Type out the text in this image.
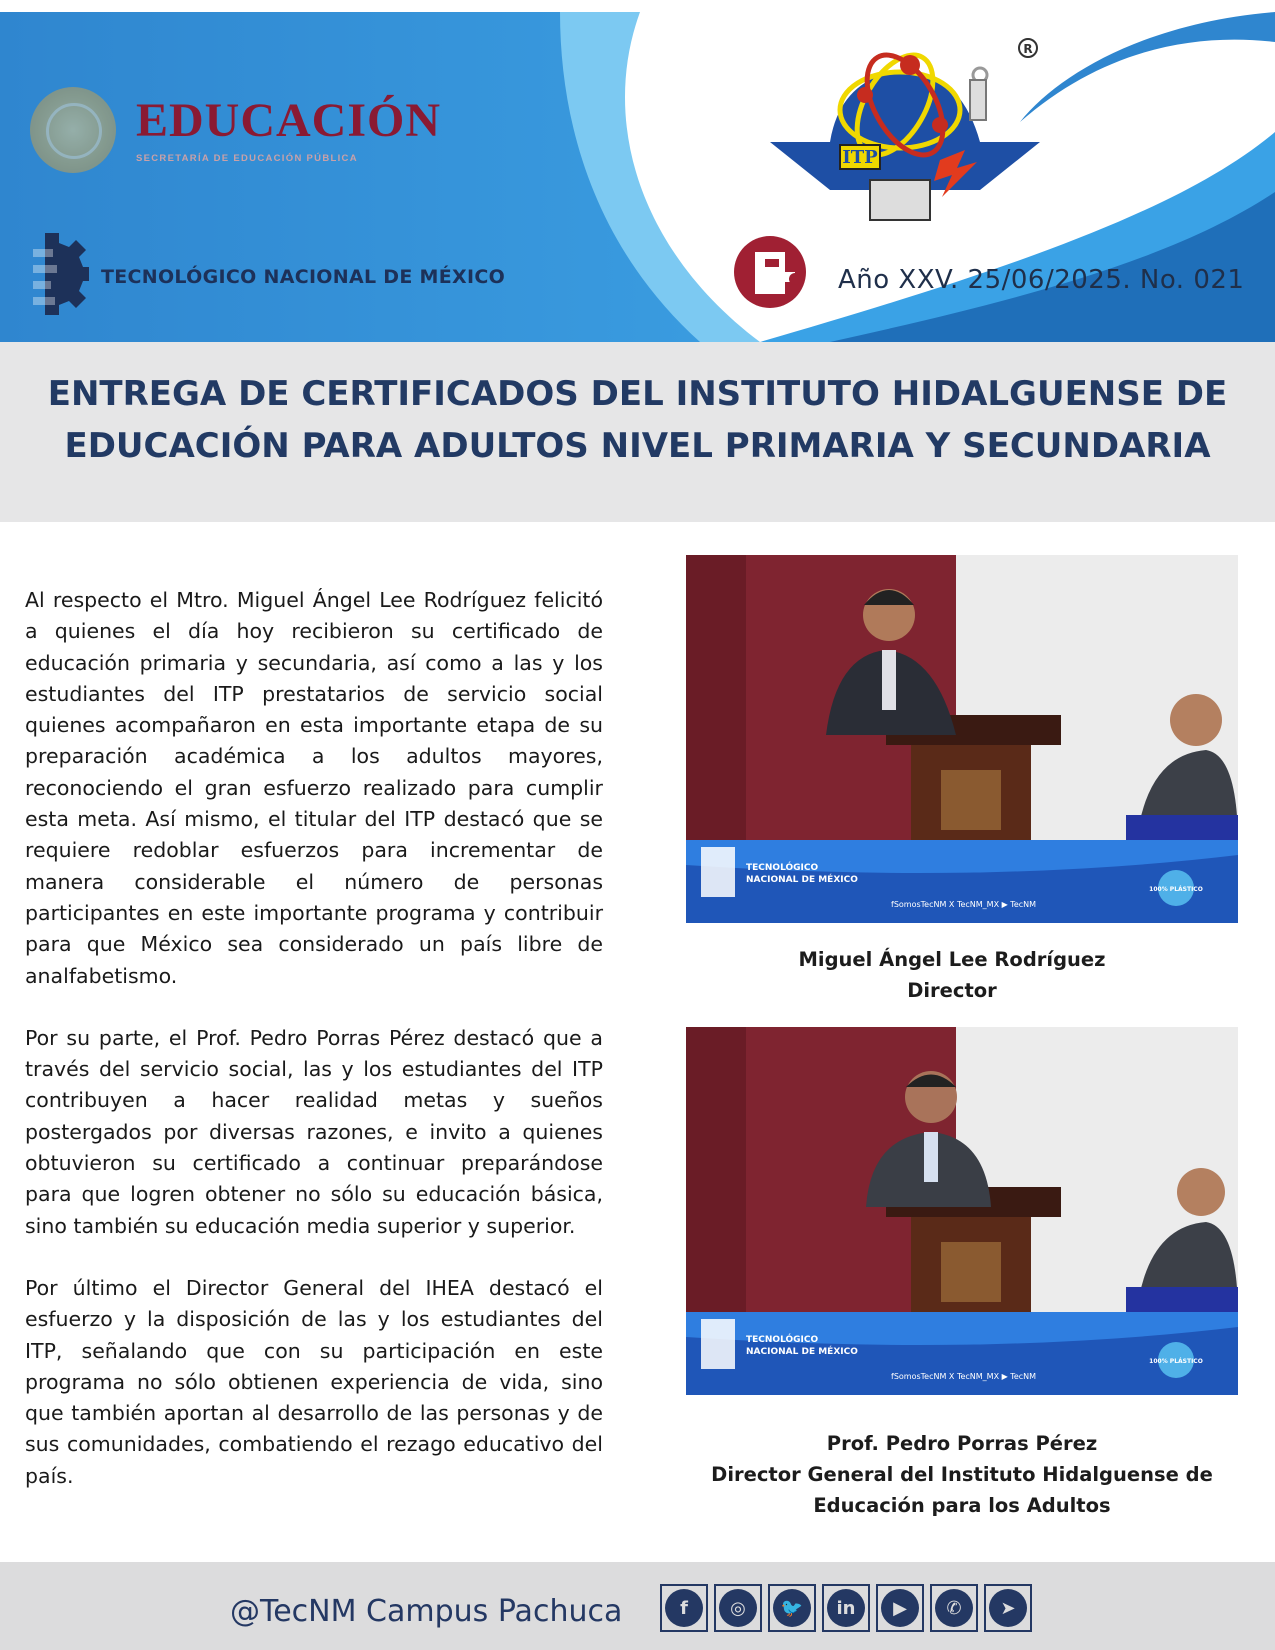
EDUCACIÓN
SECRETARÍA DE EDUCACIÓN PÚBLICA
TECNOLÓGICO NACIONAL DE MÉXICO
ITP
R
Año XXV. 25/06/2025. No. 021
ENTREGA DE CERTIFICADOS DEL INSTITUTO HIDALGUENSE DE
EDUCACIÓN PARA ADULTOS NIVEL PRIMARIA Y SECUNDARIA

Al respecto el Mtro. Miguel Ángel Lee Rodríguez felicitó a quienes el día hoy recibieron su certificado de educación primaria y secundaria, así como a las y los estudiantes del ITP prestatarios de servicio social quienes acompañaron en esta importante etapa de su preparación académica a los adultos mayores, reconociendo el gran esfuerzo realizado para cumplir esta meta. Así mismo, el titular del ITP destacó que se requiere redoblar esfuerzos para incrementar de manera considerable el número de personas participantes en este importante programa y contribuir para que México sea considerado un país libre de analfabetismo.

Por su parte, el Prof. Pedro Porras Pérez destacó que a través del servicio social, las y los estudiantes del ITP contribuyen a hacer realidad metas y sueños postergados por diversas razones, e invito a quienes obtuvieron su certificado a continuar preparándose para que logren obtener no sólo su educación básica, sino también su educación media superior y superior.

Por último el Director General del IHEA destacó el esfuerzo y la disposición de las y los estudiantes del ITP, señalando que con su participación en este programa no sólo obtienen experiencia de vida, sino que también aportan al desarrollo de las personas y de sus comunidades, combatiendo el rezago educativo del país.

TECNOLÓGICO
NACIONAL DE MÉXICO
fSomosTecNM X TecNM_MX ▶ TecNM
100% PLÁSTICO
Miguel Ángel Lee Rodríguez
Director
TECNOLÓGICO
NACIONAL DE MÉXICO
fSomosTecNM X TecNM_MX ▶ TecNM
100% PLÁSTICO
Prof. Pedro Porras Pérez
Director General del Instituto Hidalguense de
Educación para los Adultos
@TecNM Campus Pachuca	f	◎	🐦	in	▶	✆	➤
